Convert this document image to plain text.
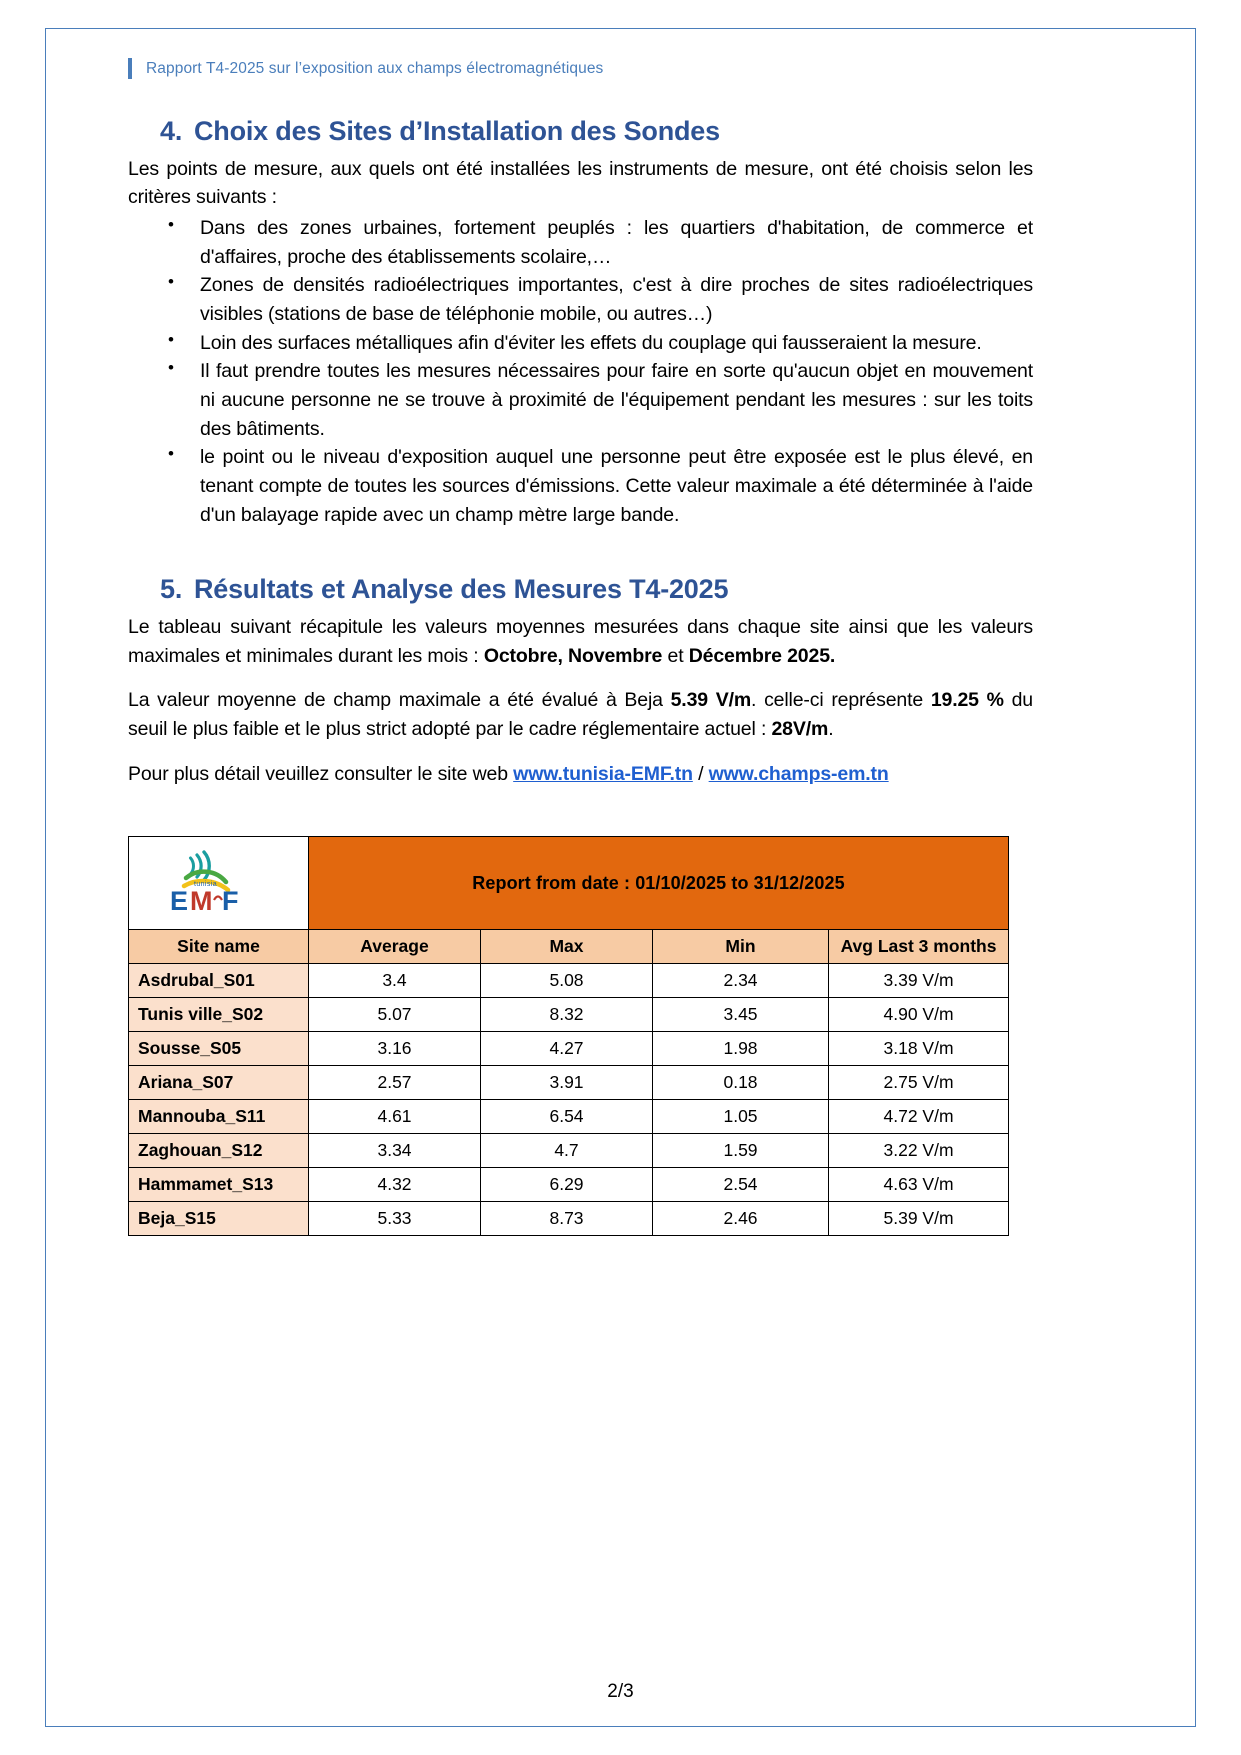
Rapport T4-2025 sur l’exposition aux champs électromagnétiques
4. Choix des Sites d’Installation des Sondes

Les points de mesure, aux quels ont été installées les instruments de mesure, ont été choisis selon les critères suivants :

• Dans des zones urbaines, fortement peuplés : les quartiers d'habitation, de commerce et d'affaires, proche des établissements scolaire,…
• Zones de densités radioélectriques importantes, c'est à dire proches de sites radioélectriques visibles (stations de base de téléphonie mobile, ou autres…)
• Loin des surfaces métalliques afin d'éviter les effets du couplage qui fausseraient la mesure.
• Il faut prendre toutes les mesures nécessaires pour faire en sorte qu'aucun objet en mouvement ni aucune personne ne se trouve à proximité de l'équipement pendant les mesures : sur les toits des bâtiments.
• le point ou le niveau d'exposition auquel une personne peut être exposée est le plus élevé, en tenant compte de toutes les sources d'émissions. Cette valeur maximale a été déterminée à l'aide d'un balayage rapide avec un champ mètre large bande.
5. Résultats et Analyse des Mesures T4-2025

Le tableau suivant récapitule les valeurs moyennes mesurées dans chaque site ainsi que les valeurs maximales et minimales durant les mois : Octobre, Novembre et Décembre 2025.

La valeur moyenne de champ maximale a été évalué à Beja 5.39 V/m. celle-ci représente 19.25 % du seuil le plus faible et le plus strict adopté par le cadre réglementaire actuel : 28V/m.

Pour plus détail veuillez consulter le site web www.tunisia-EMF.tn / www.champs-em.tn

tunisia
E M F	Report from date : 01/10/2025 to 31/12/2025			
Site name	Average	Max	Min	Avg Last 3 months
Asdrubal_S01	3.4	5.08	2.34	3.39 V/m
Tunis ville_S02	5.07	8.32	3.45	4.90 V/m
Sousse_S05	3.16	4.27	1.98	3.18 V/m
Ariana_S07	2.57	3.91	0.18	2.75 V/m
Mannouba_S11	4.61	6.54	1.05	4.72 V/m
Zaghouan_S12	3.34	4.7	1.59	3.22 V/m
Hammamet_S13	4.32	6.29	2.54	4.63 V/m
Beja_S15	5.33	8.73	2.46	5.39 V/m
2/3
